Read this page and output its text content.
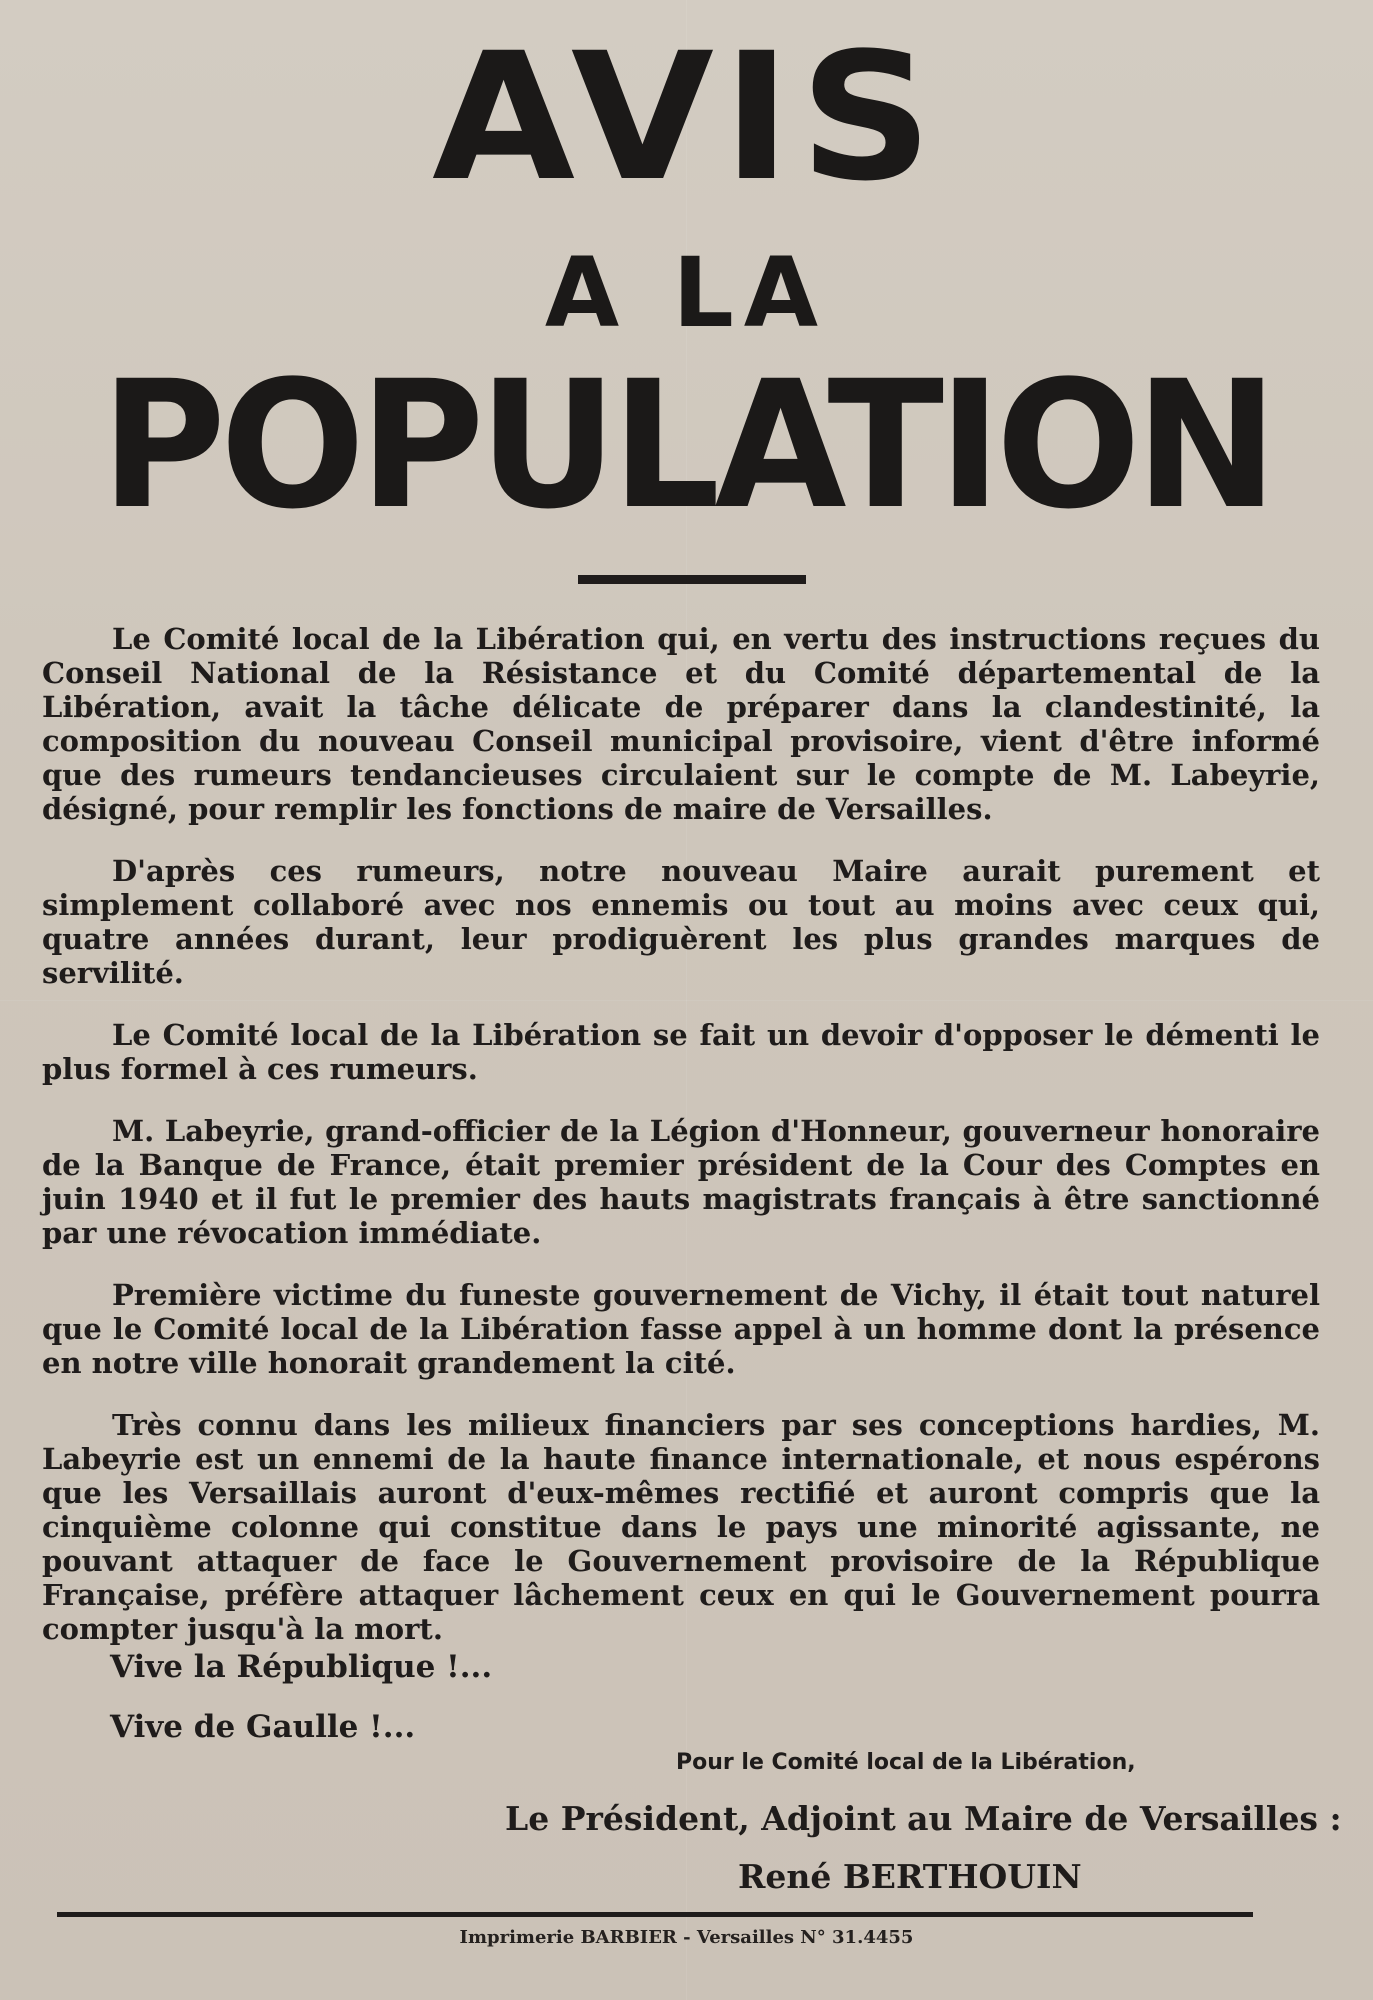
AVIS
A LA
POPULATION

Le Comité local de la Libération qui, en vertu des instructions reçues du Conseil National de la Résistance et du Comité départemental de la Libération, avait la tâche délicate de préparer dans la clandestinité, la composition du nouveau Conseil municipal provisoire, vient d'être informé que des rumeurs tendancieuses circulaient sur le compte de M. Labeyrie, désigné, pour remplir les fonctions de maire de Versailles.

D'après ces rumeurs, notre nouveau Maire aurait purement et simplement collaboré avec nos ennemis ou tout au moins avec ceux qui, quatre années durant, leur prodiguèrent les plus grandes marques de servilité.

Le Comité local de la Libération se fait un devoir d'opposer le démenti le plus formel à ces rumeurs.

M. Labeyrie, grand-officier de la Légion d'Honneur, gouverneur honoraire de la Banque de France, était premier président de la Cour des Comptes en juin 1940 et il fut le premier des hauts magistrats français à être sanctionné par une révocation immédiate.

Première victime du funeste gouvernement de Vichy, il était tout naturel que le Comité local de la Libération fasse appel à un homme dont la présence en notre ville honorait grandement la cité.

Très connu dans les milieux financiers par ses conceptions hardies, M. Labeyrie est un ennemi de la haute finance internationale, et nous espérons que les Versaillais auront d'eux-mêmes rectifié et auront compris que la cinquième colonne qui constitue dans le pays une minorité agissante, ne pouvant attaquer de face le Gouvernement provisoire de la République Française, préfère attaquer lâchement ceux en qui le Gouvernement pourra compter jusqu'à la mort.

Vive la République !...
Vive de Gaulle !...
Pour le Comité local de la Libération,
Le Président, Adjoint au Maire de Versailles :
René BERTHOUIN
Imprimerie BARBIER - Versailles N° 31.4455
